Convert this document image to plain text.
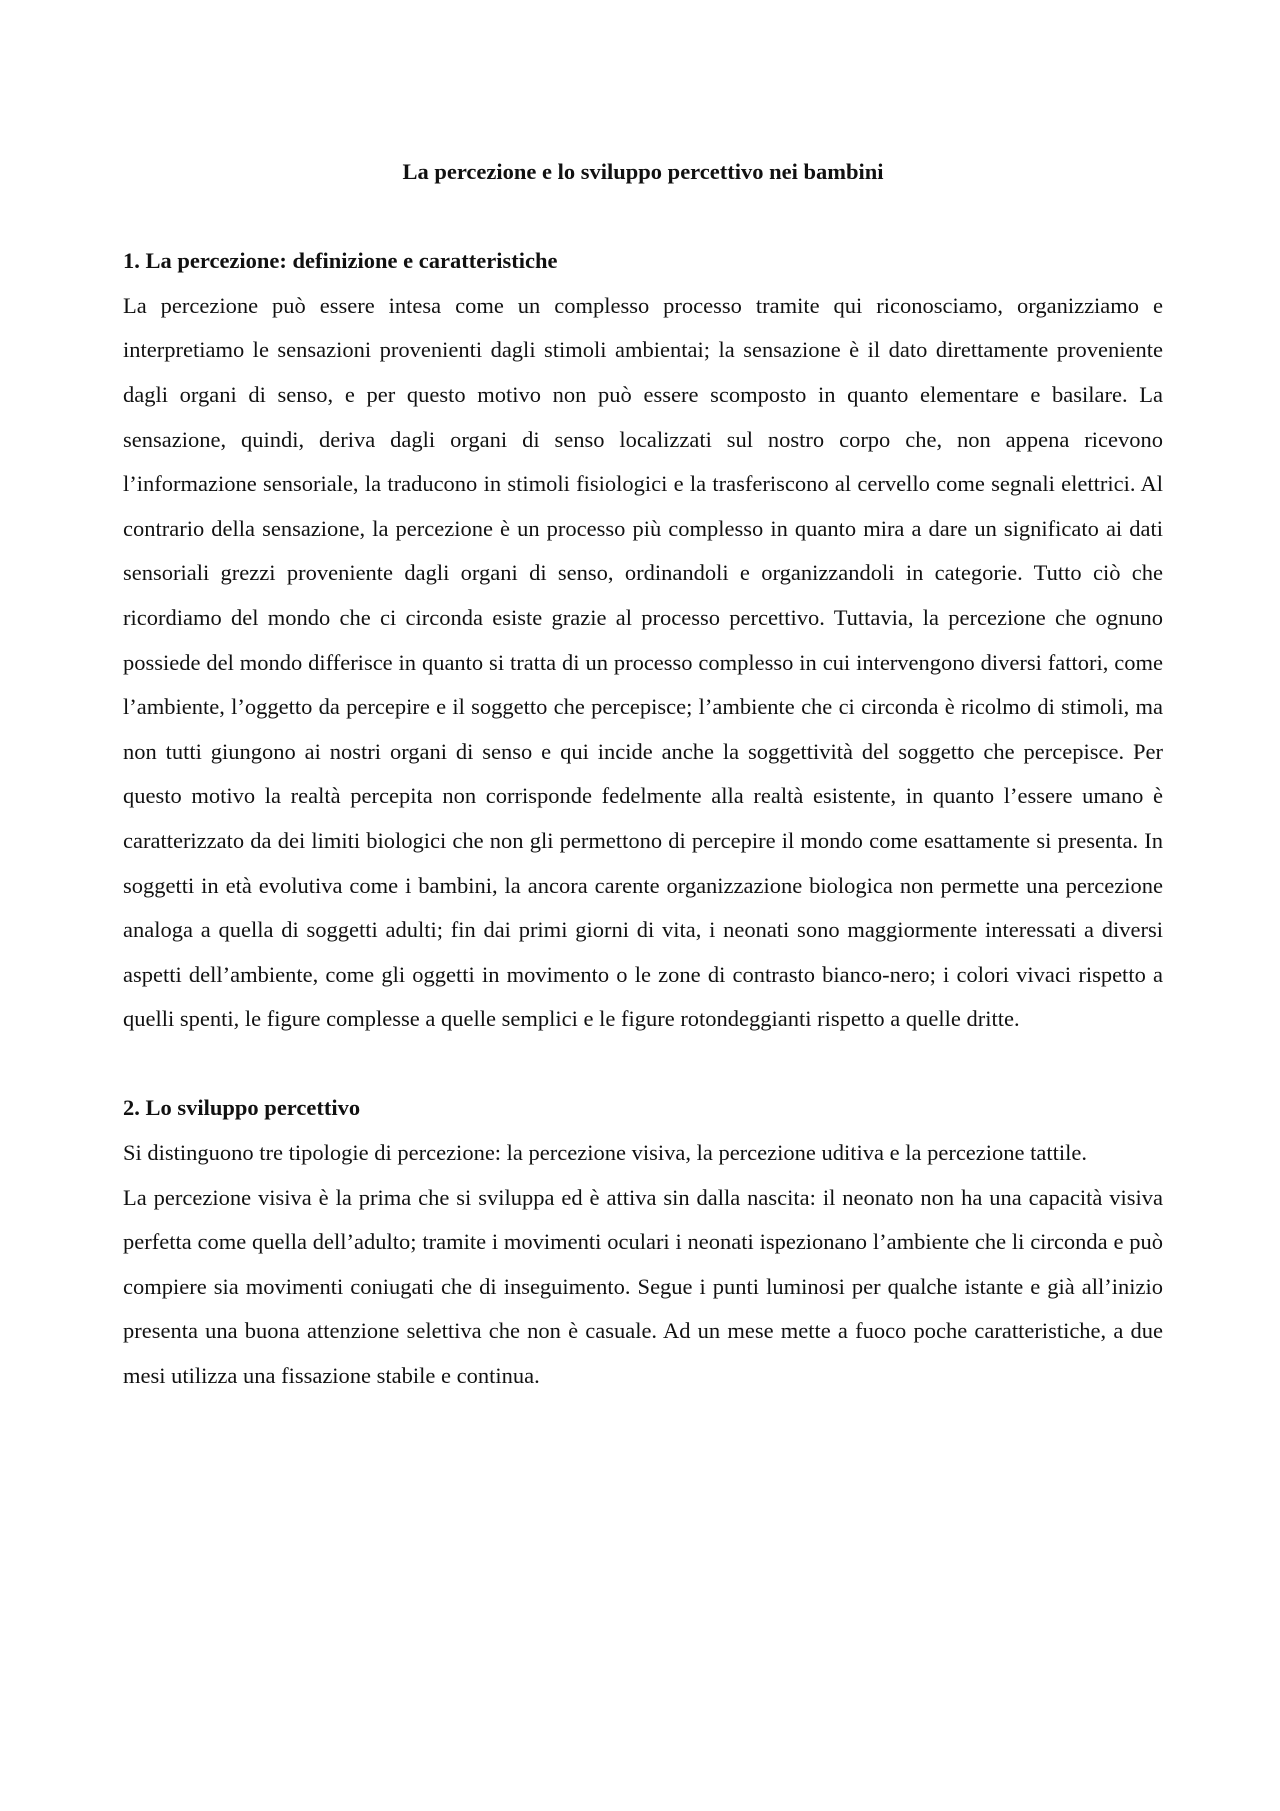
La percezione e lo sviluppo percettivo nei bambini
1. La percezione: definizione e caratteristiche

La percezione può essere intesa come un complesso processo tramite qui riconosciamo, organizziamo e interpretiamo le sensazioni provenienti dagli stimoli ambientai; la sensazione è il dato direttamente proveniente dagli organi di senso, e per questo motivo non può essere scomposto in quanto elementare e basilare. La sensazione, quindi, deriva dagli organi di senso localizzati sul nostro corpo che, non appena ricevono l’informazione sensoriale, la traducono in stimoli fisiologici e la trasferiscono al cervello come segnali elettrici. Al contrario della sensazione, la percezione è un processo più complesso in quanto mira a dare un significato ai dati sensoriali grezzi proveniente dagli organi di senso, ordinandoli e organizzandoli in categorie. Tutto ciò che ricordiamo del mondo che ci circonda esiste grazie al processo percettivo. Tuttavia, la percezione che ognuno possiede del mondo differisce in quanto si tratta di un processo complesso in cui intervengono diversi fattori, come l’ambiente, l’oggetto da percepire e il soggetto che percepisce; l’ambiente che ci circonda è ricolmo di stimoli, ma non tutti giungono ai nostri organi di senso e qui incide anche la soggettività del soggetto che percepisce. Per questo motivo la realtà percepita non corrisponde fedelmente alla realtà esistente, in quanto l’essere umano è caratterizzato da dei limiti biologici che non gli permettono di percepire il mondo come esattamente si presenta. In soggetti in età evolutiva come i bambini, la ancora carente organizzazione biologica non permette una percezione analoga a quella di soggetti adulti; fin dai primi giorni di vita, i neonati sono maggiormente interessati a diversi aspetti dell’ambiente, come gli oggetti in movimento o le zone di contrasto bianco-nero; i colori vivaci rispetto a quelli spenti, le figure complesse a quelle semplici e le figure rotondeggianti rispetto a quelle dritte.

2. Lo sviluppo percettivo

Si distinguono tre tipologie di percezione: la percezione visiva, la percezione uditiva e la percezione tattile.

La percezione visiva è la prima che si sviluppa ed è attiva sin dalla nascita: il neonato non ha una capacità visiva perfetta come quella dell’adulto; tramite i movimenti oculari i neonati ispezionano l’ambiente che li circonda e può compiere sia movimenti coniugati che di inseguimento. Segue i punti luminosi per qualche istante e già all’inizio presenta una buona attenzione selettiva che non è casuale. Ad un mese mette a fuoco poche caratteristiche, a due mesi utilizza una fissazione stabile e continua.
